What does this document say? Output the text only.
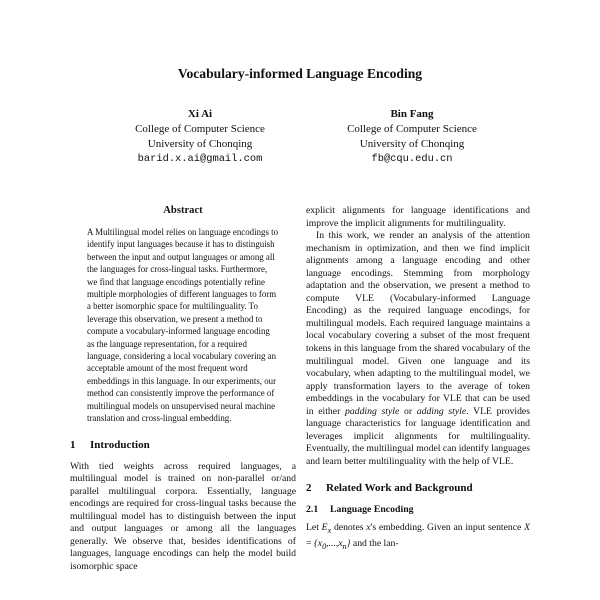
Vocabulary-informed Language Encoding
Xi Ai
College of Computer Science
University of Chonqing
barid.x.ai@gmail.com
Bin Fang
College of Computer Science
University of Chonqing
fb@cqu.edu.cn
Abstract

A Multilingual model relies on language encodings to identify input languages because it has to distinguish between the input and output languages or among all the languages for cross-lingual tasks. Furthermore, we find that language encodings potentially refine multiple morphologies of different languages to form a better isomorphic space for multilinguality. To leverage this observation, we present a method to compute a vocabulary-informed language encoding as the language representation, for a required language, considering a local vocabulary covering an acceptable amount of the most frequent word embeddings in this language. In our experiments, our method can consistently improve the performance of multilingual models on unsupervised neural machine translation and cross-lingual embedding.

1 Introduction

With tied weights across required languages, a multilingual model is trained on non-parallel or/and parallel multilingual corpora. Essentially, language encodings are required for cross-lingual tasks because the multilingual model has to distinguish between the input and output languages or among all the languages generally. We observe that, besides identifications of languages, language encodings can help the model build isomorphic space

explicit alignments for language identifications and improve the implicit alignments for multilinguality.

In this work, we render an analysis of the attention mechanism in optimization, and then we find implicit alignments among a language encoding and other language encodings. Stemming from morphology adaptation and the observation, we present a method to compute VLE (Vocabulary-informed Language Encoding) as the required language encodings, for multilingual models. Each required language maintains a local vocabulary covering a subset of the most frequent tokens in this language from the shared vocabulary of the multilingual model. Given one language and its vocabulary, when adapting to the multilingual model, we apply transformation layers to the average of token embeddings in the vocabulary for VLE that can be used in either padding style or adding style. VLE provides language characteristics for language identification and leverages implicit alignments for multilinguality. Eventually, the multilingual model can identify languages and learn better multilinguality with the help of VLE.

2 Related Work and Background
2.1 Language Encoding

Let $E_x$ denotes x's embedding. Given an input sentence $X = \{x_0,...,x_n\}$ and the lan-
